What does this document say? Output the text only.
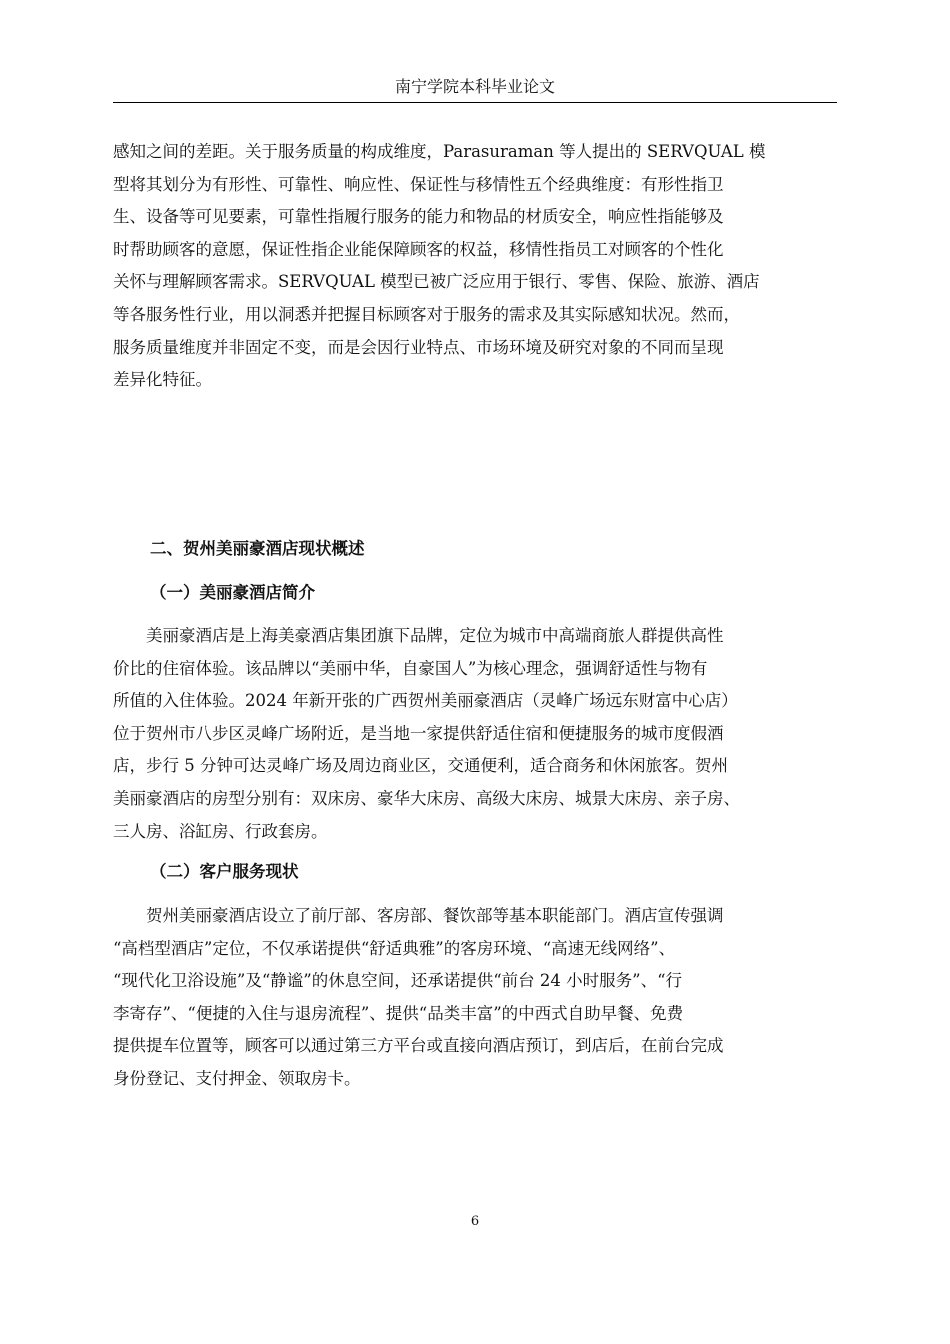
南宁学院本科毕业论文
感知之间的差距。关于服务质量的构成维度，Parasuraman 等人提出的 SERVQUAL 模
型将其划分为有形性、可靠性、响应性、保证性与移情性五个经典维度：有形性指卫
生、设备等可见要素，可靠性指履行服务的能力和物品的材质安全，响应性指能够及
时帮助顾客的意愿，保证性指企业能保障顾客的权益，移情性指员工对顾客的个性化
关怀与理解顾客需求。SERVQUAL 模型已被广泛应用于银行、零售、保险、旅游、酒店
等各服务性行业，用以洞悉并把握目标顾客对于服务的需求及其实际感知状况。然而，
服务质量维度并非固定不变，而是会因行业特点、市场环境及研究对象的不同而呈现
差异化特征。
二、贺州美丽豪酒店现状概述
（一）美丽豪酒店简介
　　美丽豪酒店是上海美豪酒店集团旗下品牌，定位为城市中高端商旅人群提供高性
价比的住宿体验。该品牌以“美丽中华，自豪国人”为核心理念，强调舒适性与物有
所值的入住体验。2024 年新开张的广西贺州美丽豪酒店（灵峰广场远东财富中心店）
位于贺州市八步区灵峰广场附近，是当地一家提供舒适住宿和便捷服务的城市度假酒
店，步行 5 分钟可达灵峰广场及周边商业区，交通便利，适合商务和休闲旅客。贺州
美丽豪酒店的房型分别有：双床房、豪华大床房、高级大床房、城景大床房、亲子房、
三人房、浴缸房、行政套房。
（二）客户服务现状
　　贺州美丽豪酒店设立了前厅部、客房部、餐饮部等基本职能部门。酒店宣传强调
“高档型酒店”定位，不仅承诺提供“舒适典雅”的客房环境、“高速无线网络”、
“现代化卫浴设施”及“静谧”的休息空间，还承诺提供“前台 24 小时服务”、“行
李寄存”、“便捷的入住与退房流程”、提供“品类丰富”的中西式自助早餐、免费
提供提车位置等，顾客可以通过第三方平台或直接向酒店预订，到店后，在前台完成
身份登记、支付押金、领取房卡。
6
